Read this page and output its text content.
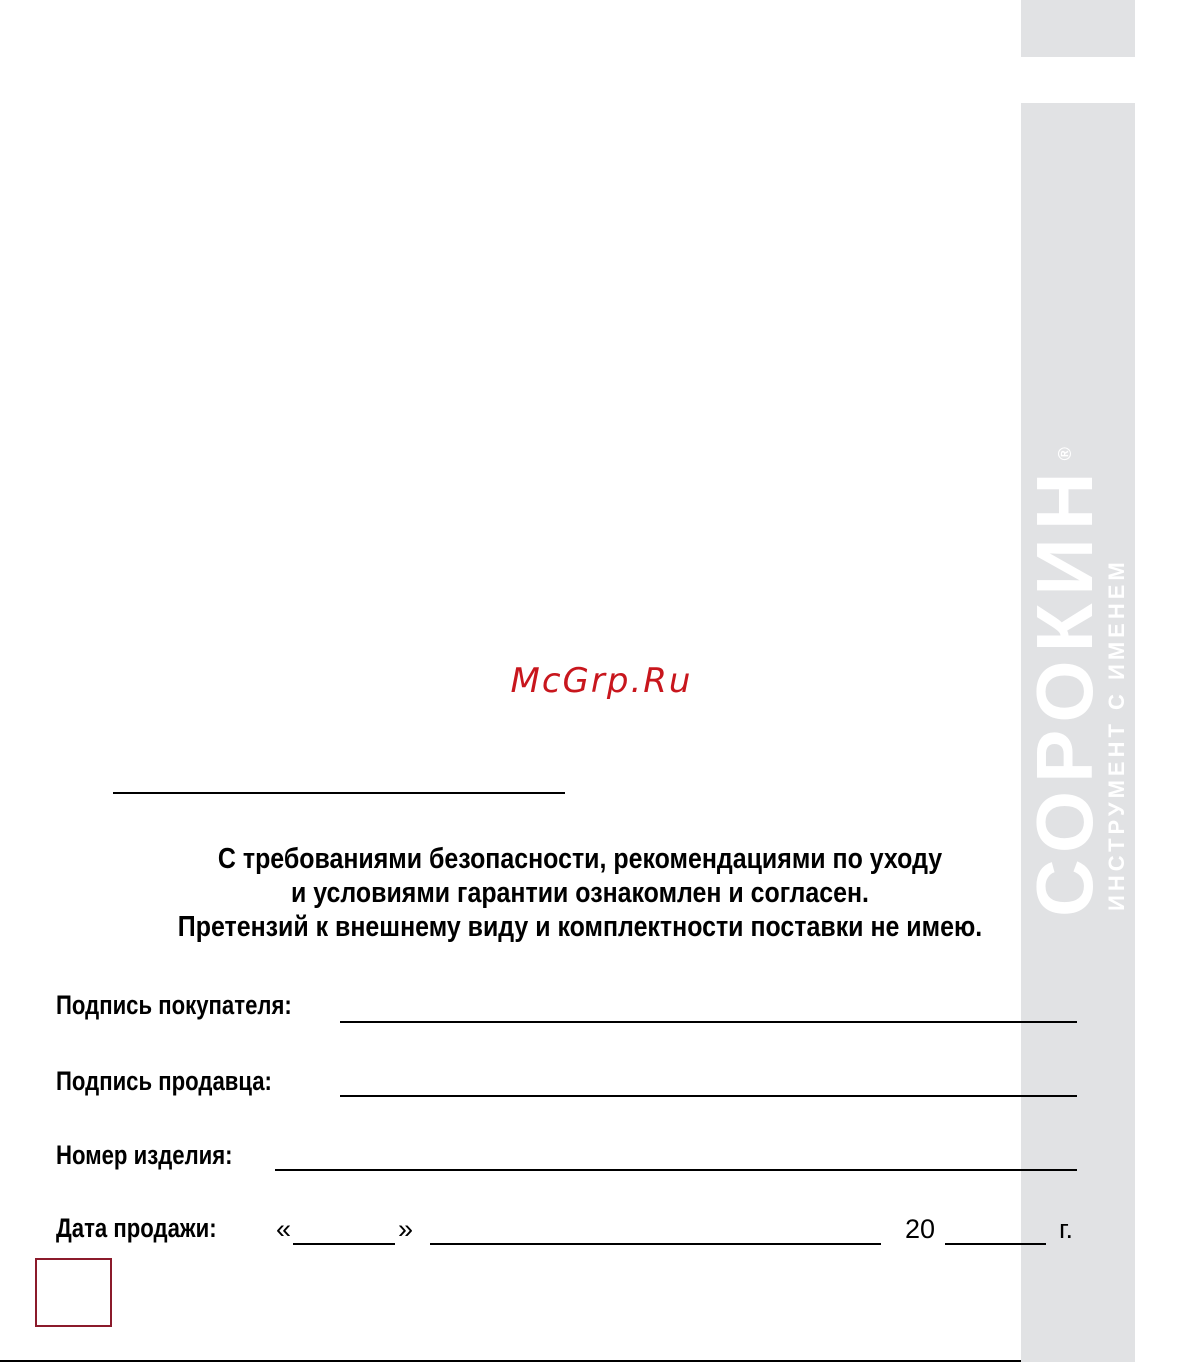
СОРОКИН®
ИНСТРУМЕНТ С ИМЕНЕМ
McGrp.Ru
С требованиями безопасности, рекомендациями по уходу
и условиями гарантии ознакомлен и согласен.
Претензий к внешнему виду и комплектности поставки не имею.
Подпись покупателя:
Подпись продавца:
Номер изделия:
Дата продажи: «	»	20	г.
